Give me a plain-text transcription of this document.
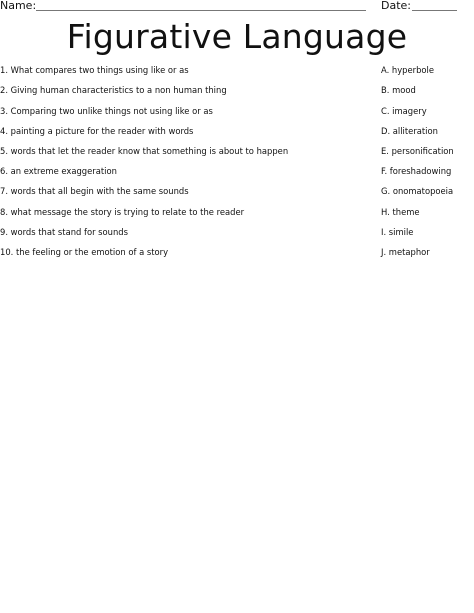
Name:	Date:
Figurative Language
1. What compares two things using like or as
2. Giving human characteristics to a non human thing
3. Comparing two unlike things not using like or as
4. painting a picture for the reader with words
5. words that let the reader know that something is about to happen
6. an extreme exaggeration
7. words that all begin with the same sounds
8. what message the story is trying to relate to the reader
9. words that stand for sounds
10. the feeling or the emotion of a story
A. hyperbole
B. mood
C. imagery
D. alliteration
E. personification
F. foreshadowing
G. onomatopoeia
H. theme
I. simile
J. metaphor
